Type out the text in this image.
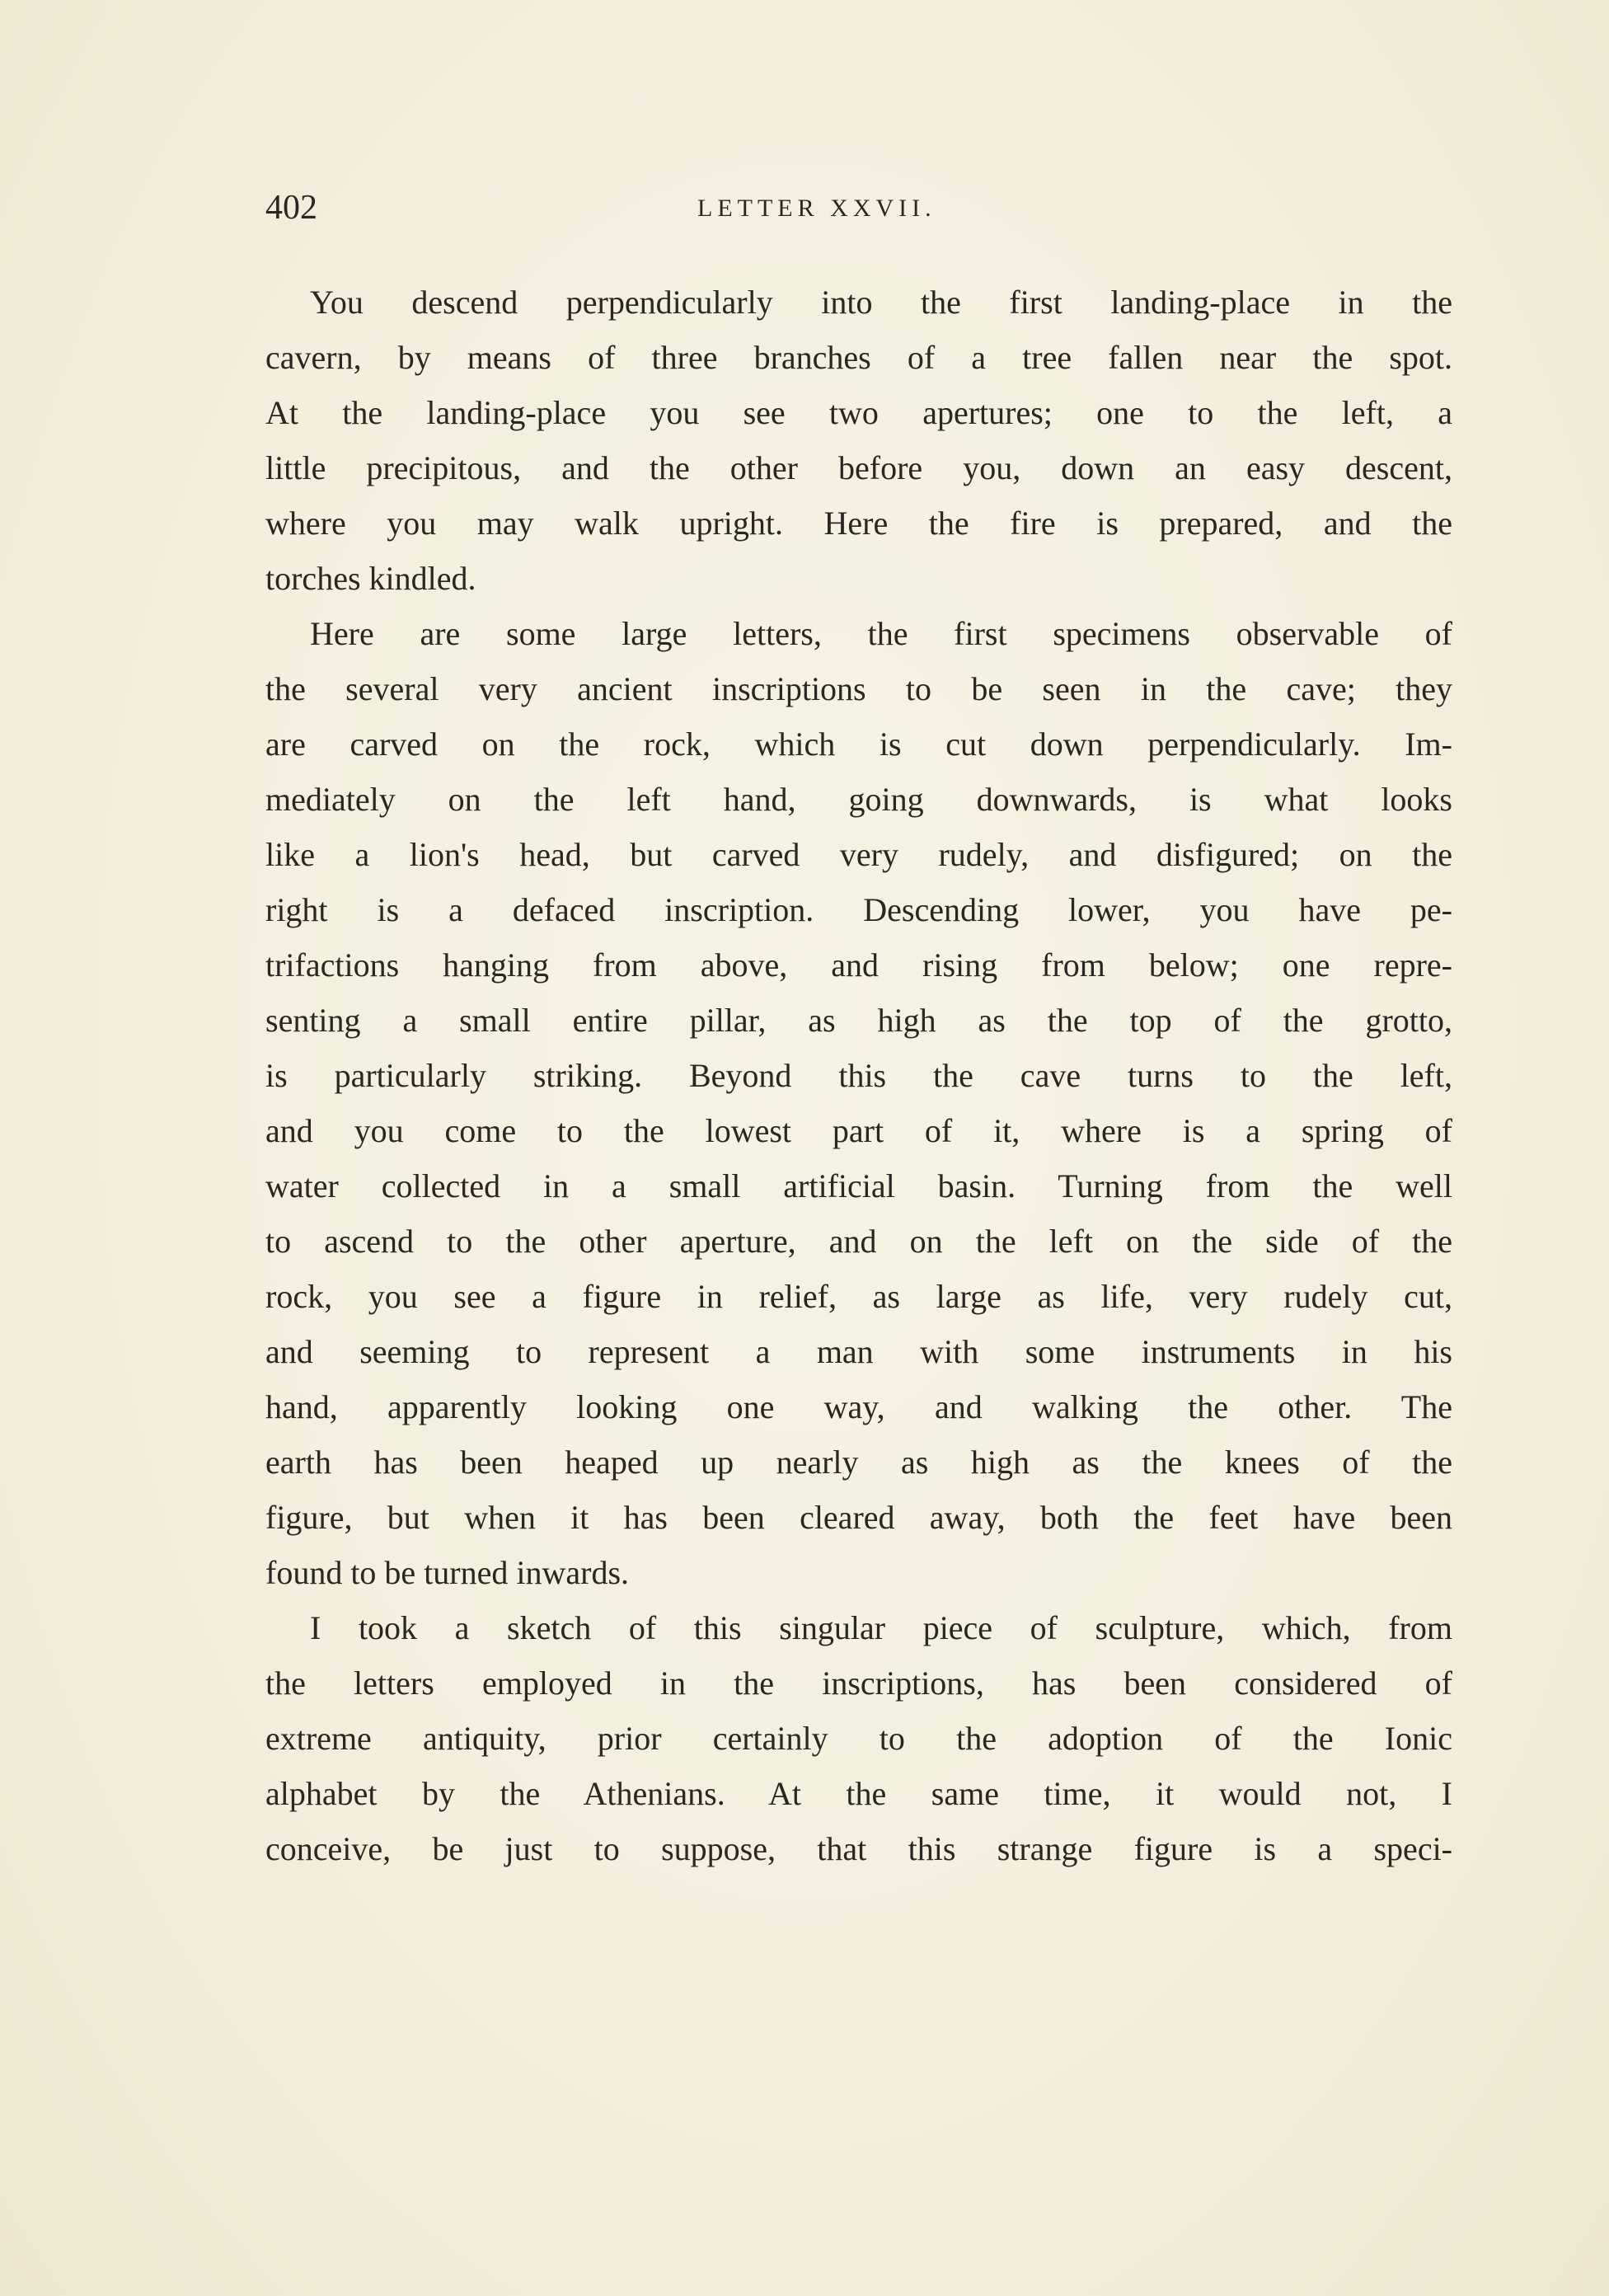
402	LETTER XXVII.
You descend perpendicularly into the first landing-place in the
cavern, by means of three branches of a tree fallen near the spot.
At the landing-place you see two apertures; one to the left, a
little precipitous, and the other before you, down an easy descent,
where you may walk upright. Here the fire is prepared, and the
torches kindled.
Here are some large letters, the first specimens observable of
the several very ancient inscriptions to be seen in the cave; they
are carved on the rock, which is cut down perpendicularly. Im-
mediately on the left hand, going downwards, is what looks
like a lion's head, but carved very rudely, and disfigured; on the
right is a defaced inscription. Descending lower, you have pe-
trifactions hanging from above, and rising from below; one repre-
senting a small entire pillar, as high as the top of the grotto,
is particularly striking. Beyond this the cave turns to the left,
and you come to the lowest part of it, where is a spring of
water collected in a small artificial basin. Turning from the well
to ascend to the other aperture, and on the left on the side of the
rock, you see a figure in relief, as large as life, very rudely cut,
and seeming to represent a man with some instruments in his
hand, apparently looking one way, and walking the other. The
earth has been heaped up nearly as high as the knees of the
figure, but when it has been cleared away, both the feet have been
found to be turned inwards.
I took a sketch of this singular piece of sculpture, which, from
the letters employed in the inscriptions, has been considered of
extreme antiquity, prior certainly to the adoption of the Ionic
alphabet by the Athenians. At the same time, it would not, I
conceive, be just to suppose, that this strange figure is a speci-
